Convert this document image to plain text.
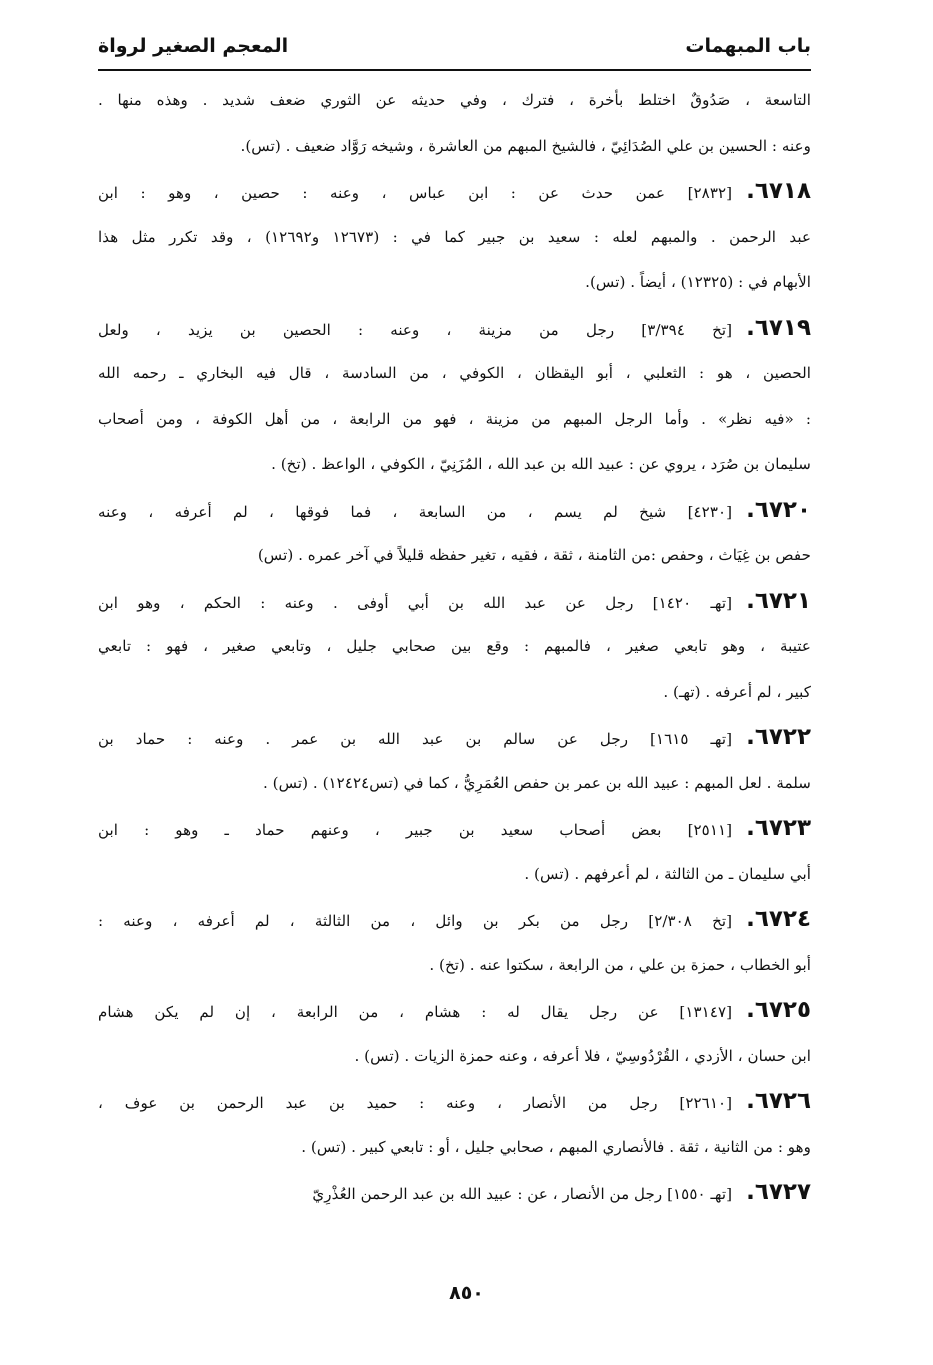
باب المبهمات
المعجم الصغير لرواة
التاسعة ، صَدُوقٌ اختلط بأخرة ، فترك ، وفي حديثه عن الثوري ضعف شديد . وهذه منها .
وعنه : الحسين بن علي الصُدَائِيّ ، فالشيخ المبهم من العاشرة ، وشيخه رَوَّاد ضعيف . (تس).
٦٧١٨.[٢٨٣٢] عمن حدث عن : ابن عباس ، وعنه : حصين ، وهو : ابن
عبد الرحمن . والمبهم لعله : سعيد بن جبير كما في : (١٢٦٧٣ و١٢٦٩٢) ، وقد تكرر مثل هذا
الأبهام في : (١٢٣٢٥) ، أيضاً . (تس).
٦٧١٩.[تخ ٣/٣٩٤] رجل من مزينة ، وعنه : الحصين بن يزيد ، ولعل
الحصين ، هو : الثعلبي ، أبو اليقظان ، الكوفي ، من السادسة ، قال فيه البخاري ـ رحمه الله
: «فيه نظر» . وأما الرجل المبهم من مزينة ، فهو من الرابعة ، من أهل الكوفة ، ومن أصحاب
سليمان بن صُرَد ، يروي عن : عبيد الله بن عبد الله ، المُزَنِيّ ، الكوفي ، الواعظ . (تخ) .
٦٧٢٠.[٤٢٣٠] شيخ لم يسم ، من السابعة ، فما فوقها ، لم أعرفه ، وعنه
حفص بن غِيَاث ، وحفص :من الثامنة ، ثقة ، فقيه ، تغير حفظه قليلاً في آخر عمره . (تس)
٦٧٢١.[تهـ ١٤٢٠] رجل عن عبد الله بن أبي أوفى . وعنه : الحكم ، وهو ابن
عتيبة ، وهو تابعي صغير ، فالمبهم : وقع بين صحابي جليل ، وتابعي صغير ، فهو : تابعي
كبير ، لم أعرفه . (تهـ) .
٦٧٢٢.[تهـ ١٦١٥] رجل عن سالم بن عبد الله بن عمر . وعنه : حماد بن
سلمة . لعل المبهم : عبيد الله بن عمر بن حفص العُمَرِيُّ ، كما في (تس١٢٤٢٤) . (تس) .
٦٧٢٣.[٢٥١١] بعض أصحاب سعيد بن جبير ، وعنهم حماد ـ وهو : ابن
أبي سليمان ـ من الثالثة ، لم أعرفهم . (تس) .
٦٧٢٤.[تخ ٢/٣٠٨] رجل من بكر بن وائل ، من الثالثة ، لم أعرفه ، وعنه :
أبو الخطاب ، حمزة بن علي ، من الرابعة ، سكتوا عنه . (تخ) .
٦٧٢٥.[١٣١٤٧] عن رجل يقال له : هشام ، من الرابعة ، إن لم يكن هشام
ابن حسان ، الأزدي ، القُرْدُوسِيّ ، فلا أعرفه ، وعنه حمزة الزيات . (تس) .
٦٧٢٦.[٢٢٦١٠] رجل من الأنصار ، وعنه : حميد بن عبد الرحمن بن عوف ،
وهو : من الثانية ، ثقة . فالأنصاري المبهم ، صحابي جليل ، أو : تابعي كبير . (تس) .
٦٧٢٧.[تهـ ١٥٥٠] رجل من الأنصار ، عن : عبيد الله بن عبد الرحمن العُذْرِيّ
٨٥٠
